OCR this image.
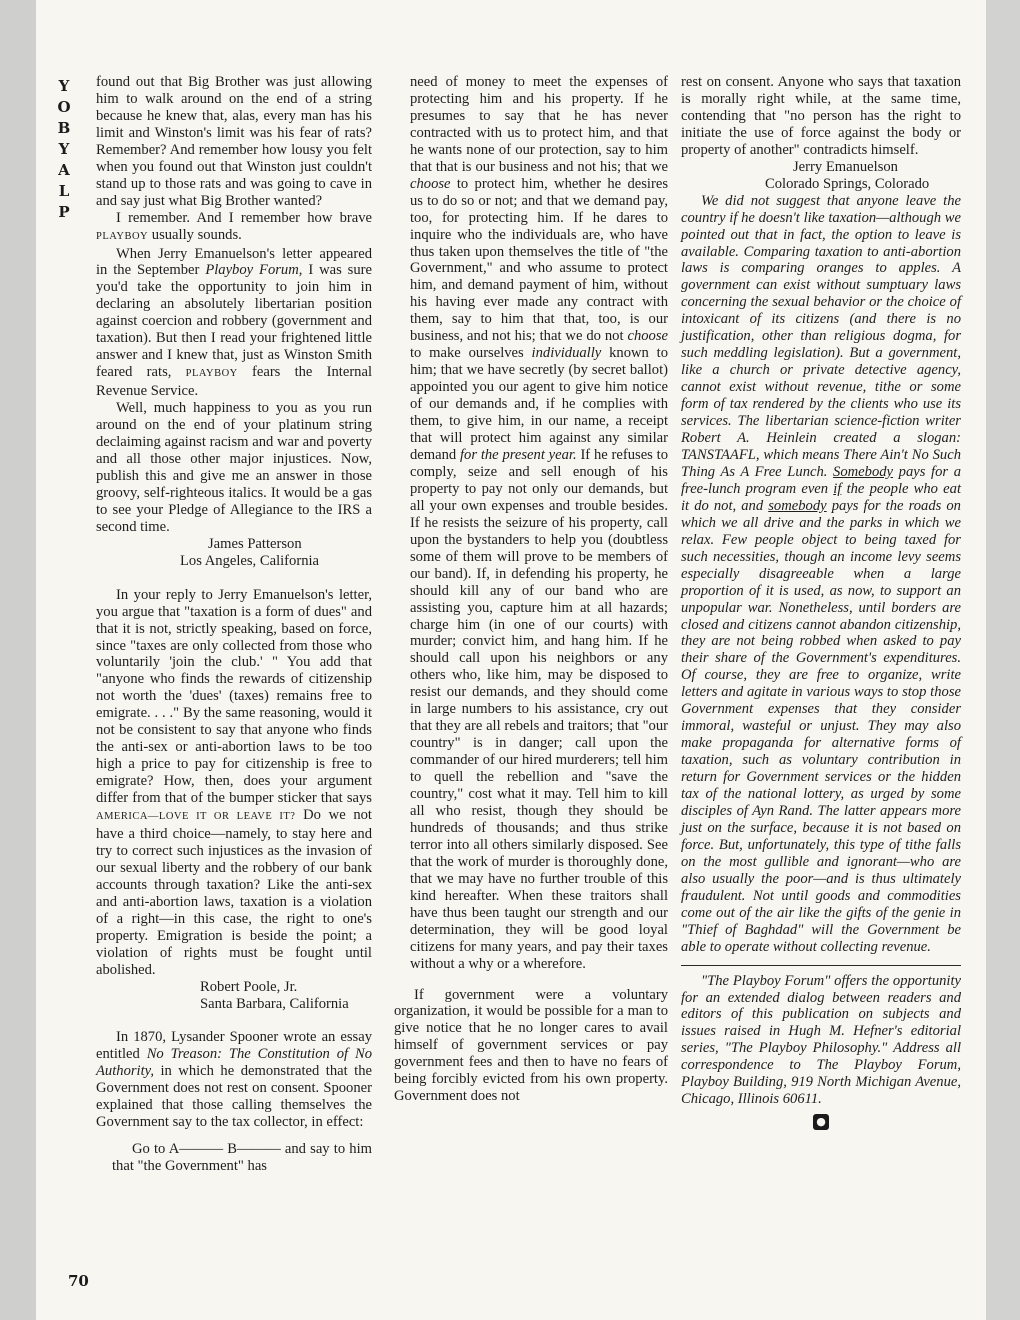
Y
O
B
Y
A
L
P

found out that Big Brother was just allowing him to walk around on the end of a string because he knew that, alas, every man has his limit and Winston's limit was his fear of rats? Remember? And remember how lousy you felt when you found out that Winston just couldn't stand up to those rats and was going to cave in and say just what Big Brother wanted?

I remember. And I remember how brave PLAYBOY usually sounds.

When Jerry Emanuelson's letter appeared in the September Playboy Forum, I was sure you'd take the opportunity to join him in declaring an absolutely libertarian position against coercion and robbery (government and taxation). But then I read your frightened little answer and I knew that, just as Winston Smith feared rats, PLAYBOY fears the Internal Revenue Service.

Well, much happiness to you as you run around on the end of your platinum string declaiming against racism and war and poverty and all those other major injustices. Now, publish this and give me an answer in those groovy, self-righteous italics. It would be a gas to see your Pledge of Allegiance to the IRS a second time.

James Patterson

Los Angeles, California

In your reply to Jerry Emanuelson's letter, you argue that "taxation is a form of dues" and that it is not, strictly speaking, based on force, since "taxes are only collected from those who voluntarily 'join the club.' " You add that "anyone who finds the rewards of citizenship not worth the 'dues' (taxes) remains free to emigrate. . . ." By the same reasoning, would it not be consistent to say that anyone who finds the anti-sex or anti-abortion laws to be too high a price to pay for citizenship is free to emigrate? How, then, does your argument differ from that of the bumper sticker that says AMERICA—LOVE IT OR LEAVE IT? Do we not have a third choice—namely, to stay here and try to correct such injustices as the invasion of our sexual liberty and the robbery of our bank accounts through taxation? Like the anti-sex and anti-abortion laws, taxation is a violation of a right—in this case, the right to one's property. Emigration is beside the point; a violation of rights must be fought until abolished.

Robert Poole, Jr.

Santa Barbara, California

In 1870, Lysander Spooner wrote an essay entitled No Treason: The Constitution of No Authority, in which he demonstrated that the Government does not rest on consent. Spooner explained that those calling themselves the Government say to the tax collector, in effect:

Go to A——— B——— and say to him that "the Government" has

need of money to meet the expenses of protecting him and his property. If he presumes to say that he has never contracted with us to protect him, and that he wants none of our protection, say to him that that is our business and not his; that we choose to protect him, whether he desires us to do so or not; and that we demand pay, too, for protecting him. If he dares to inquire who the individuals are, who have thus taken upon themselves the title of "the Government," and who assume to protect him, and demand payment of him, without his having ever made any contract with them, say to him that that, too, is our business, and not his; that we do not choose to make ourselves individually known to him; that we have secretly (by secret ballot) appointed you our agent to give him notice of our demands and, if he complies with them, to give him, in our name, a receipt that will protect him against any similar demand for the present year. If he refuses to comply, seize and sell enough of his property to pay not only our demands, but all your own expenses and trouble besides. If he resists the seizure of his property, call upon the bystanders to help you (doubtless some of them will prove to be members of our band). If, in defending his property, he should kill any of our band who are assisting you, capture him at all hazards; charge him (in one of our courts) with murder; convict him, and hang him. If he should call upon his neighbors or any others who, like him, may be disposed to resist our demands, and they should come in large numbers to his assistance, cry out that they are all rebels and traitors; that "our country" is in danger; call upon the commander of our hired murderers; tell him to quell the rebellion and "save the country," cost what it may. Tell him to kill all who resist, though they should be hundreds of thousands; and thus strike terror into all others similarly disposed. See that the work of murder is thoroughly done, that we may have no further trouble of this kind hereafter. When these traitors shall have thus been taught our strength and our determination, they will be good loyal citizens for many years, and pay their taxes without a why or a wherefore.

If government were a voluntary organization, it would be possible for a man to give notice that he no longer cares to avail himself of government services or pay government fees and then to have no fears of being forcibly evicted from his own property. Government does not

rest on consent. Anyone who says that taxation is morally right while, at the same time, contending that "no person has the right to initiate the use of force against the body or property of another" contradicts himself.

Jerry Emanuelson

Colorado Springs, Colorado

We did not suggest that anyone leave the country if he doesn't like taxation—although we pointed out that in fact, the option to leave is available. Comparing taxation to anti-abortion laws is comparing oranges to apples. A government can exist without sumptuary laws concerning the sexual behavior or the choice of intoxicant of its citizens (and there is no justification, other than religious dogma, for such meddling legislation). But a government, like a church or private detective agency, cannot exist without revenue, tithe or some form of tax rendered by the clients who use its services. The libertarian science-fiction writer Robert A. Heinlein created a slogan: TANSTAAFL, which means There Ain't No Such Thing As A Free Lunch. Somebody pays for a free-lunch program even if the people who eat it do not, and somebody pays for the roads on which we all drive and the parks in which we relax. Few people object to being taxed for such necessities, though an income levy seems especially disagreeable when a large proportion of it is used, as now, to support an unpopular war. Nonetheless, until borders are closed and citizens cannot abandon citizenship, they are not being robbed when asked to pay their share of the Government's expenditures. Of course, they are free to organize, write letters and agitate in various ways to stop those Government expenses that they consider immoral, wasteful or unjust. They may also make propaganda for alternative forms of taxation, such as voluntary contribution in return for Government services or the hidden tax of the national lottery, as urged by some disciples of Ayn Rand. The latter appears more just on the surface, because it is not based on force. But, unfortunately, this type of tithe falls on the most gullible and ignorant—who are also usually the poor—and is thus ultimately fraudulent. Not until goods and commodities come out of the air like the gifts of the genie in "Thief of Baghdad" will the Government be able to operate without collecting revenue.

"The Playboy Forum" offers the opportunity for an extended dialog between readers and editors of this publication on subjects and issues raised in Hugh M. Hefner's editorial series, "The Playboy Philosophy." Address all correspondence to The Playboy Forum, Playboy Building, 919 North Michigan Avenue, Chicago, Illinois 60611.

●
70
